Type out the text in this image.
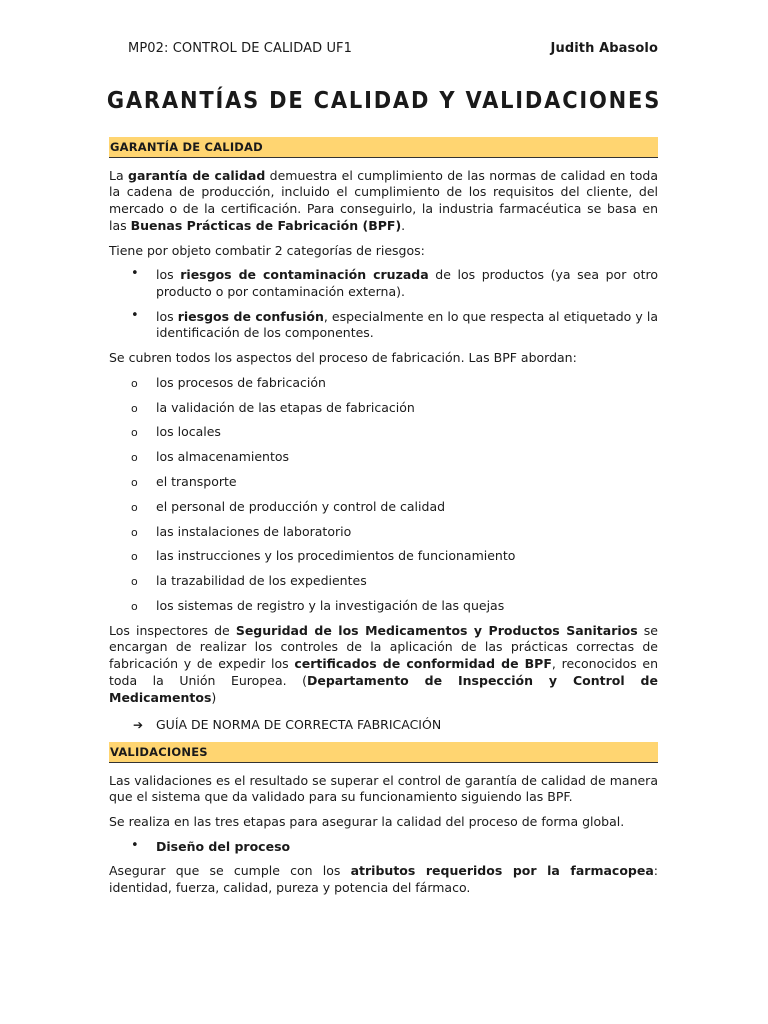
MP02: CONTROL DE CALIDAD UF1	Judith Abasolo
GARANTÍAS DE CALIDAD Y VALIDACIONES
GARANTÍA DE CALIDAD

La garantía de calidad demuestra el cumplimiento de las normas de calidad en toda la cadena de producción, incluido el cumplimiento de los requisitos del cliente, del mercado o de la certificación. Para conseguirlo, la industria farmacéutica se basa en las Buenas Prácticas de Fabricación (BPF).

Tiene por objeto combatir 2 categorías de riesgos:

• los riesgos de contaminación cruzada de los productos (ya sea por otro producto o por contaminación externa).
• los riesgos de confusión, especialmente en lo que respecta al etiquetado y la identificación de los componentes.

Se cubren todos los aspectos del proceso de fabricación. Las BPF abordan:

o los procesos de fabricación
o la validación de las etapas de fabricación
o los locales
o los almacenamientos
o el transporte
o el personal de producción y control de calidad
o las instalaciones de laboratorio
o las instrucciones y los procedimientos de funcionamiento
o la trazabilidad de los expedientes
o los sistemas de registro y la investigación de las quejas

Los inspectores de Seguridad de los Medicamentos y Productos Sanitarios se encargan de realizar los controles de la aplicación de las prácticas correctas de fabricación y de expedir los certificados de conformidad de BPF, reconocidos en toda la Unión Europea. (Departamento de Inspección y Control de Medicamentos)

➔ GUÍA DE NORMA DE CORRECTA FABRICACIÓN
VALIDACIONES

Las validaciones es el resultado se superar el control de garantía de calidad de manera que el sistema que da validado para su funcionamiento siguiendo las BPF.

Se realiza en las tres etapas para asegurar la calidad del proceso de forma global.

• Diseño del proceso

Asegurar que se cumple con los atributos requeridos por la farmacopea: identidad, fuerza, calidad, pureza y potencia del fármaco.
